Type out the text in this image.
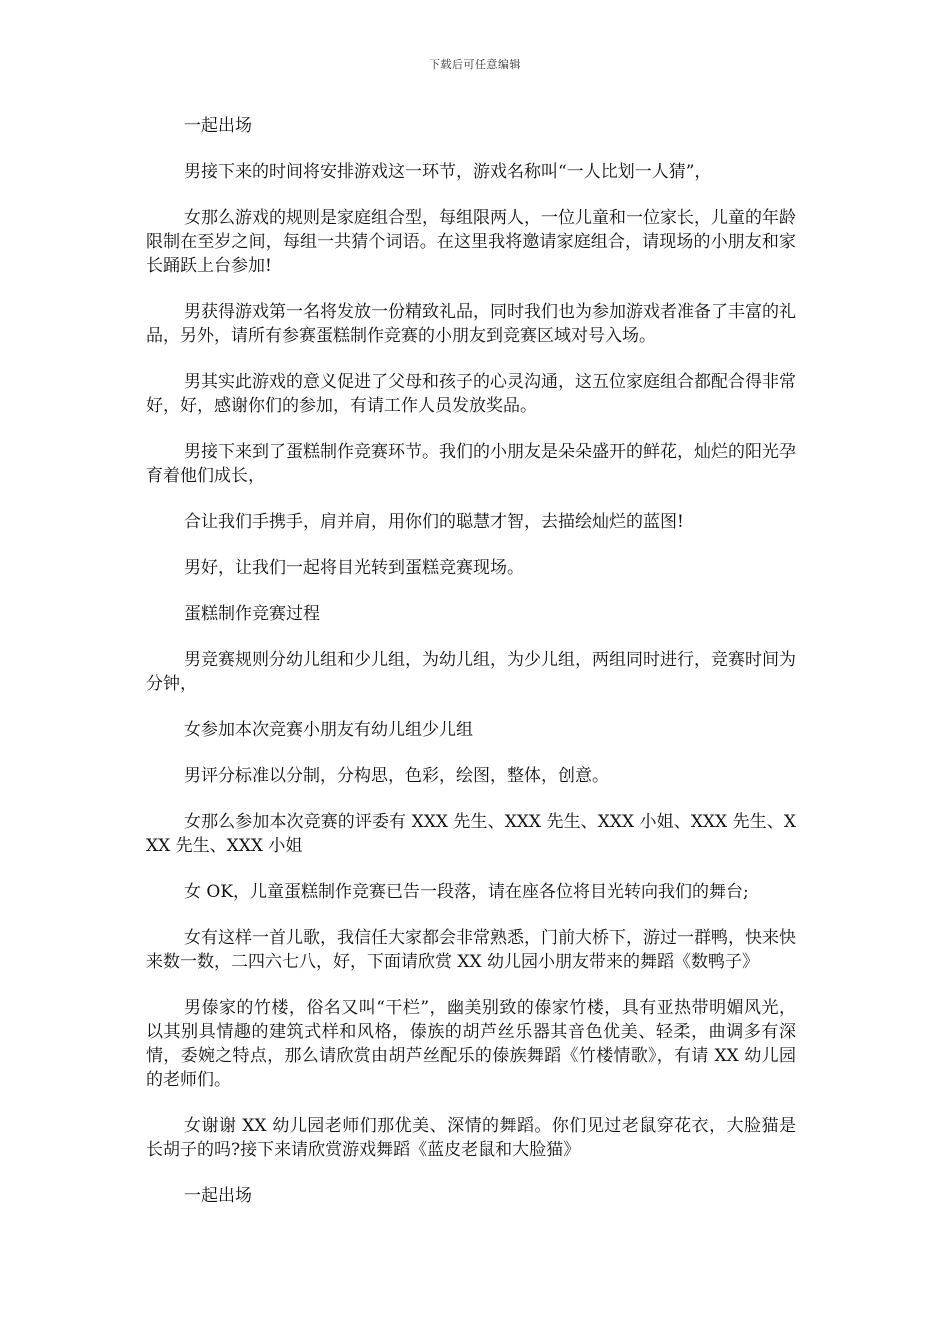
下载后可任意编辑

一起出场

男接下来的时间将安排游戏这一环节，游戏名称叫“一人比划一人猜”，

女那么游戏的规则是家庭组合型，每组限两人，一位儿童和一位家长，儿童的年龄限制在至岁之间，每组一共猜个词语。在这里我将邀请家庭组合，请现场的小朋友和家长踊跃上台参加!

男获得游戏第一名将发放一份精致礼品，同时我们也为参加游戏者准备了丰富的礼品，另外，请所有参赛蛋糕制作竞赛的小朋友到竞赛区域对号入场。

男其实此游戏的意义促进了父母和孩子的心灵沟通，这五位家庭组合都配合得非常好，好，感谢你们的参加，有请工作人员发放奖品。

男接下来到了蛋糕制作竞赛环节。我们的小朋友是朵朵盛开的鲜花，灿烂的阳光孕育着他们成长，

合让我们手携手，肩并肩，用你们的聪慧才智，去描绘灿烂的蓝图!

男好，让我们一起将目光转到蛋糕竞赛现场。

蛋糕制作竞赛过程

男竞赛规则分幼儿组和少儿组，为幼儿组，为少儿组，两组同时进行，竞赛时间为分钟，

女参加本次竞赛小朋友有幼儿组少儿组

男评分标准以分制，分构思，色彩，绘图，整体，创意。

女那么参加本次竞赛的评委有 XXX 先生、XXX 先生、XXX 小姐、XXX 先生、XXX 先生、XXX 小姐

女 OK，儿童蛋糕制作竞赛已告一段落，请在座各位将目光转向我们的舞台;

女有这样一首儿歌，我信任大家都会非常熟悉，门前大桥下，游过一群鸭，快来快来数一数，二四六七八，好，下面请欣赏 XX 幼儿园小朋友带来的舞蹈《数鸭子》

男傣家的竹楼，俗名又叫“干栏”，幽美别致的傣家竹楼，具有亚热带明媚风光，以其别具情趣的建筑式样和风格，傣族的胡芦丝乐器其音色优美、轻柔，曲调多有深情，委婉之特点，那么请欣赏由胡芦丝配乐的傣族舞蹈《竹楼情歌》，有请 XX 幼儿园的老师们。

女谢谢 XX 幼儿园老师们那优美、深情的舞蹈。你们见过老鼠穿花衣，大脸猫是长胡子的吗?接下来请欣赏游戏舞蹈《蓝皮老鼠和大脸猫》

一起出场
